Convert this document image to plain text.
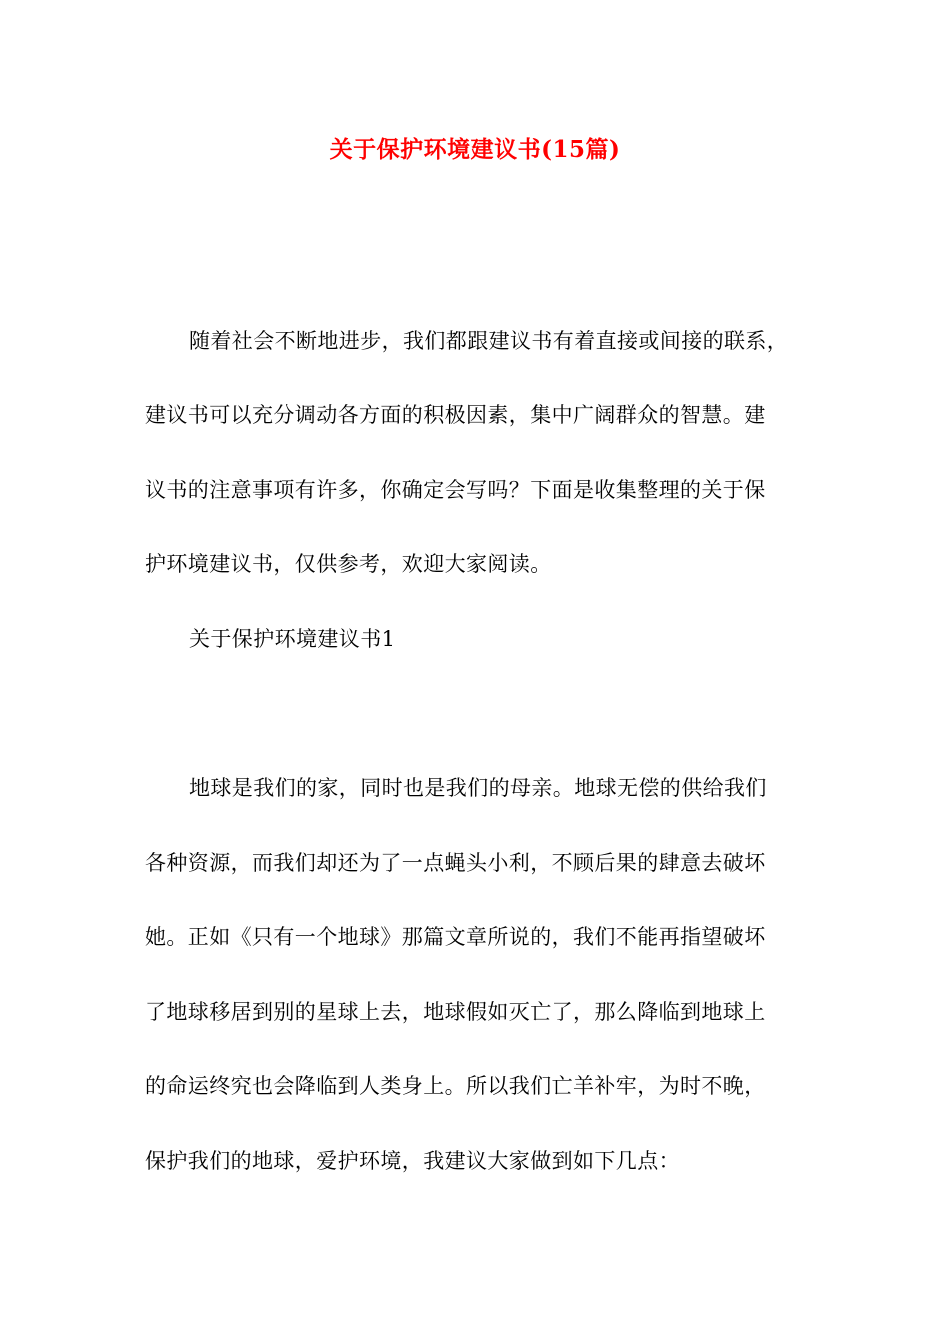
关于保护环境建议书(15篇)
随着社会不断地进步，我们都跟建议书有着直接或间接的联系，
建议书可以充分调动各方面的积极因素，集中广阔群众的智慧。建
议书的注意事项有许多，你确定会写吗？下面是收集整理的关于保
护环境建议书，仅供参考，欢迎大家阅读。
关于保护环境建议书1
地球是我们的家，同时也是我们的母亲。地球无偿的供给我们
各种资源，而我们却还为了一点蝇头小利，不顾后果的肆意去破坏
她。正如《只有一个地球》那篇文章所说的，我们不能再指望破坏
了地球移居到别的星球上去，地球假如灭亡了，那么降临到地球上
的命运终究也会降临到人类身上。所以我们亡羊补牢，为时不晚，
保护我们的地球，爱护环境，我建议大家做到如下几点：
